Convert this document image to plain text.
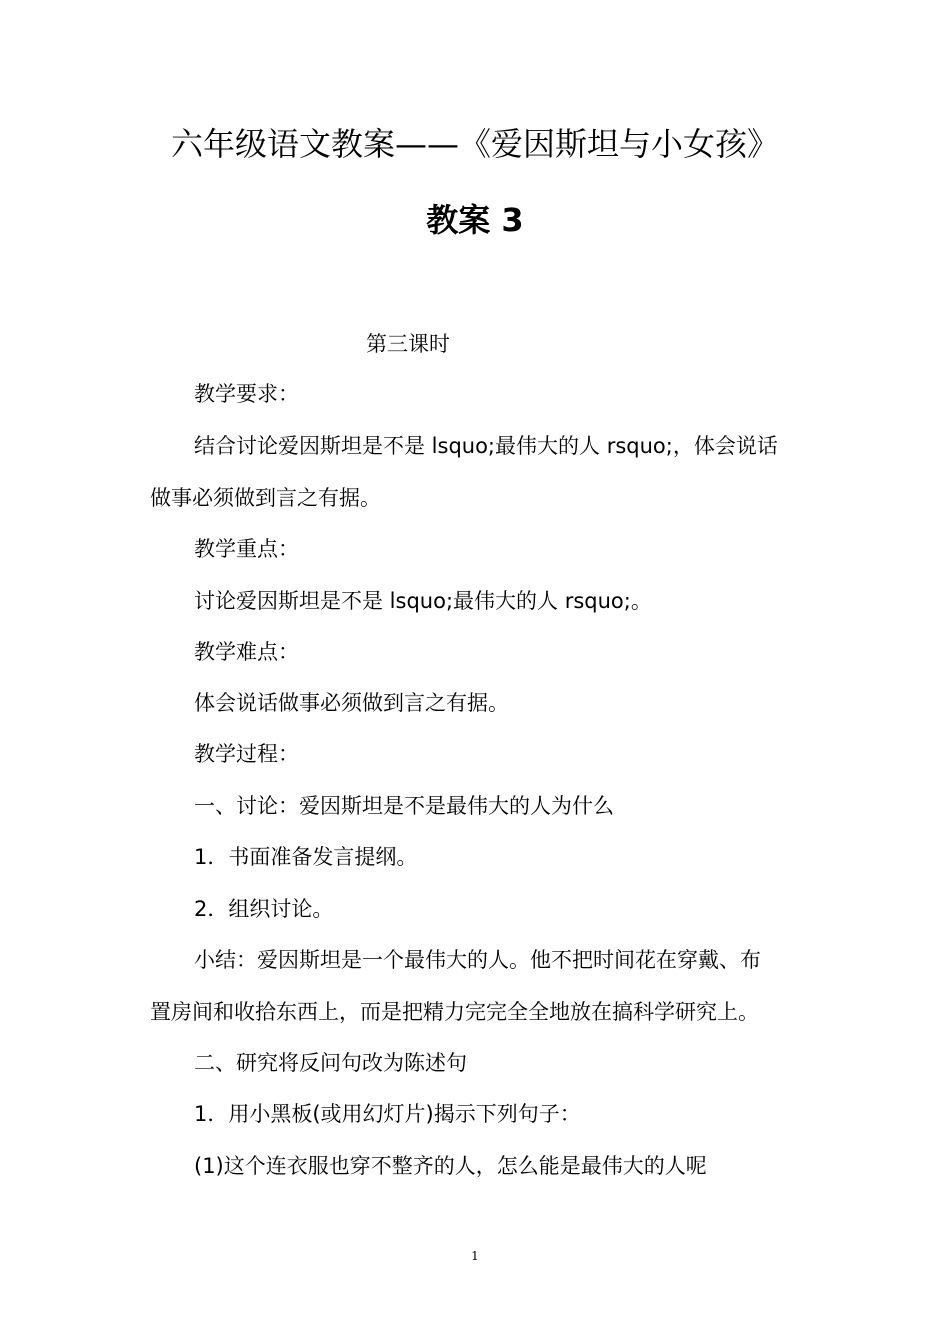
六年级语文教案——《爱因斯坦与小女孩》
教案 3
第三课时
教学要求：
结合讨论爱因斯坦是不是 lsquo;最伟大的人 rsquo;，体会说话
做事必须做到言之有据。
教学重点：
讨论爱因斯坦是不是 lsquo;最伟大的人 rsquo;。
教学难点：
体会说话做事必须做到言之有据。
教学过程：
一、讨论：爱因斯坦是不是最伟大的人为什么
1．书面准备发言提纲。
2．组织讨论。
小结：爱因斯坦是一个最伟大的人。他不把时间花在穿戴、布
置房间和收拾东西上，而是把精力完完全全地放在搞科学研究上。
二、研究将反问句改为陈述句
1．用小黑板(或用幻灯片)揭示下列句子：
(1)这个连衣服也穿不整齐的人，怎么能是最伟大的人呢
1
